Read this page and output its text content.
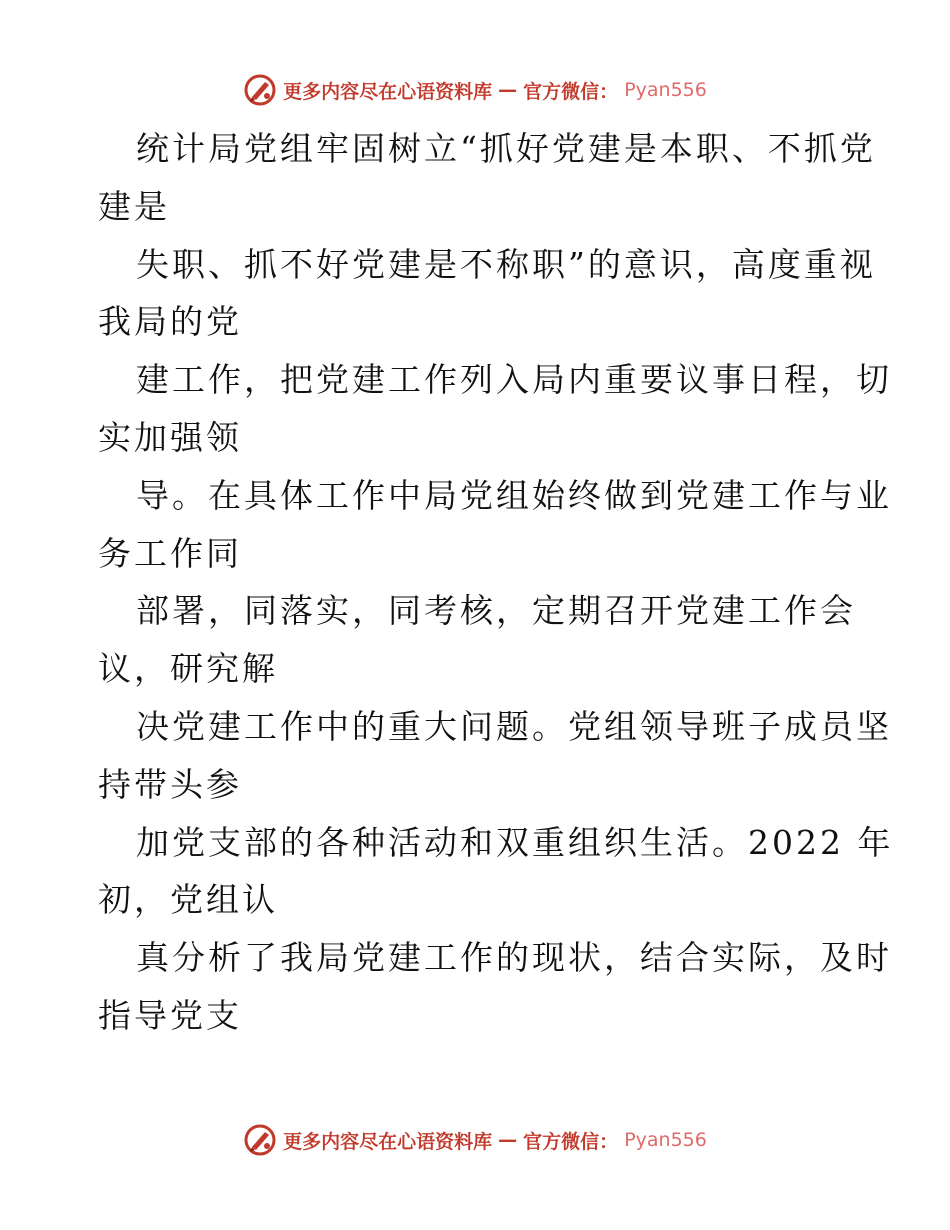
更多内容尽在心语资料库 — 官方微信： Pyan556
统计局党组牢固树立“抓好党建是本职、不抓党
建是
失职、抓不好党建是不称职”的意识，高度重视
我局的党
建工作，把党建工作列入局内重要议事日程，切
实加强领
导。在具体工作中局党组始终做到党建工作与业
务工作同
部署，同落实，同考核，定期召开党建工作会
议，研究解
决党建工作中的重大问题。党组领导班子成员坚
持带头参
加党支部的各种活动和双重组织生活。2022 年
初，党组认
真分析了我局党建工作的现状，结合实际，及时
指导党支
更多内容尽在心语资料库 — 官方微信： Pyan556
